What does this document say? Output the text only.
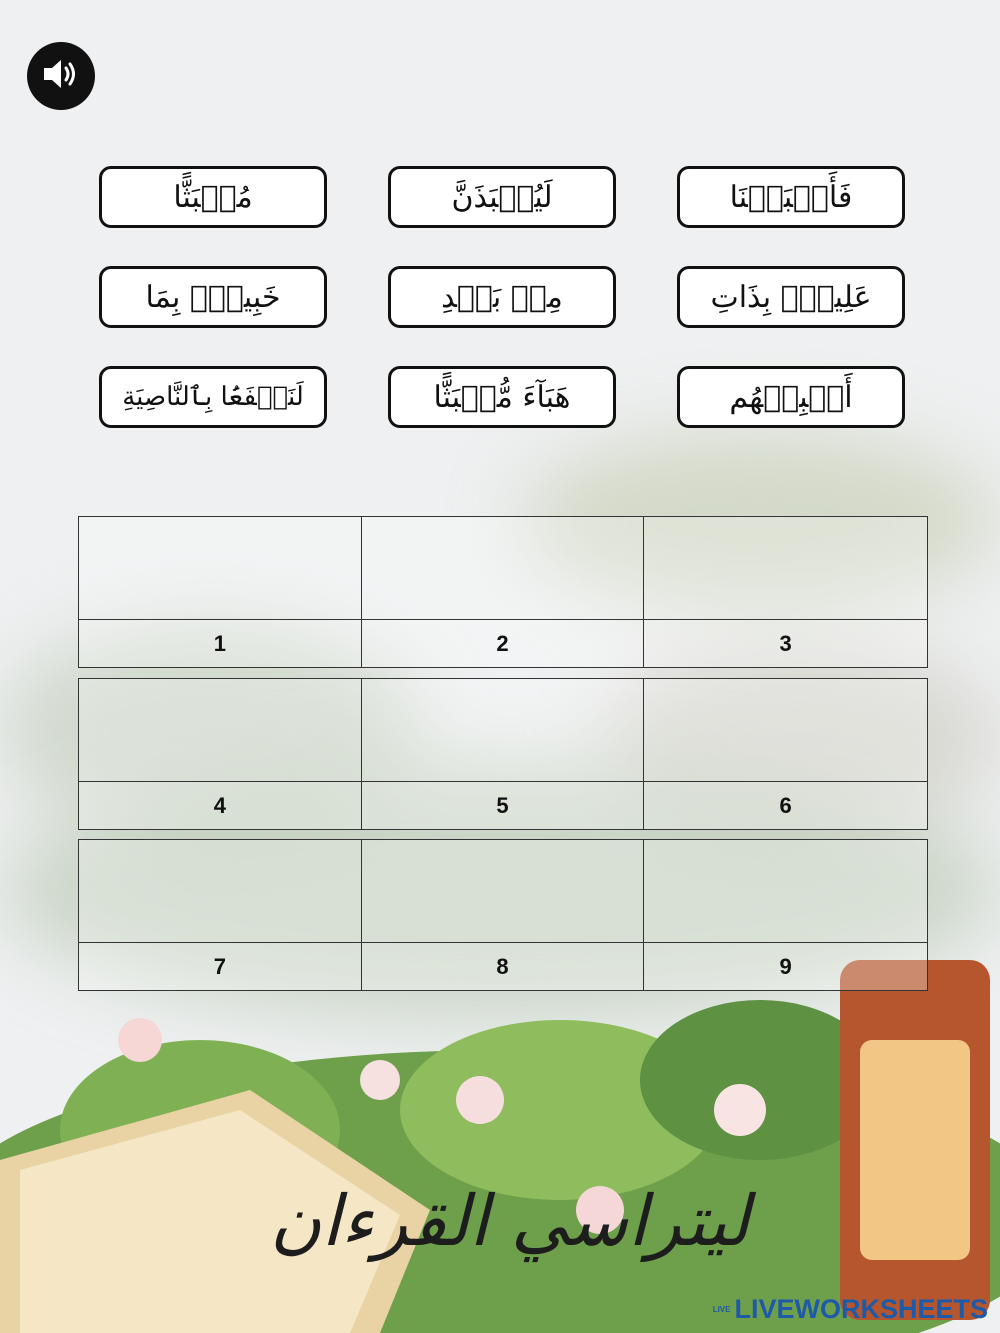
فَأَنۢبَتۡنَا
لَيُنۢبَذَنَّ
مُنۢبَثًّا
عَلِيمُۢ بِذَاتِ
مِنۢ بَعۡدِ
خَبِيرُۢ بِمَا
أَنۢبِئۡهُم
هَبَآءَ مُّنۢبَثًّا
لَنَسۡفَعَۢا بِٱلنَّاصِيَةِ
1	2	3
4	5	6
7	8	9
ليتراسي القرءان
LIVE LIVEWORKSHEETS
